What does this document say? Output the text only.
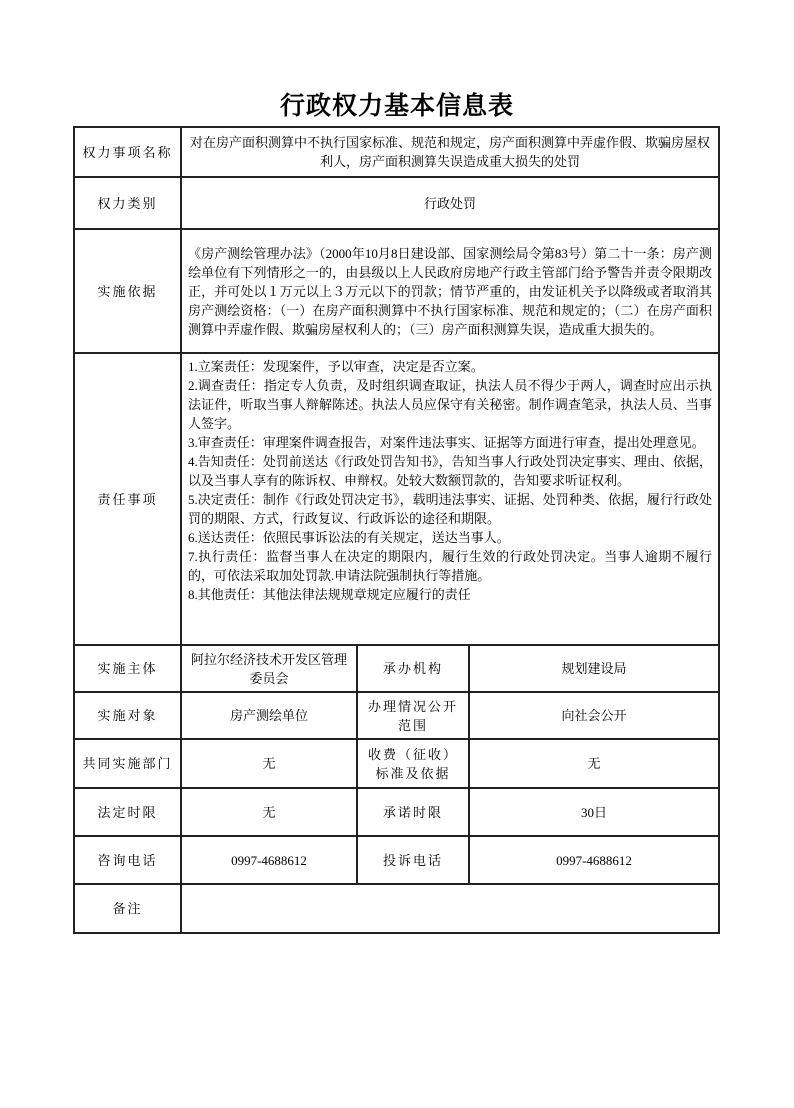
行政权力基本信息表
权力事项名称	对在房产面积测算中不执行国家标准、规范和规定，房产面积测算中弄虚作假、欺骗房屋权利人，房产面积测算失误造成重大损失的处罚		
权力类别	行政处罚		
实施依据	《房产测绘管理办法》（2000年10月8日建设部、国家测绘局令第83号）第二十一条：房产测绘单位有下列情形之一的，由县级以上人民政府房地产行政主管部门给予警告并责令限期改正，并可处以１万元以上３万元以下的罚款；情节严重的，由发证机关予以降级或者取消其房产测绘资格：（一）在房产面积测算中不执行国家标准、规范和规定的；（二）在房产面积测算中弄虚作假、欺骗房屋权利人的；（三）房产面积测算失误，造成重大损失的。		
责任事项	
1.立案责任：发现案件，予以审查，决定是否立案。
2.调查责任：指定专人负责，及时组织调查取证，执法人员不得少于两人，调查时应出示执法证件，听取当事人辩解陈述。执法人员应保守有关秘密。制作调查笔录，执法人员、当事人签字。
3.审查责任：审理案件调查报告，对案件违法事实、证据等方面进行审查，提出处理意见。
4.告知责任：处罚前送达《行政处罚告知书》，告知当事人行政处罚决定事实、理由、依据，以及当事人享有的陈诉权、申辩权。处较大数额罚款的，告知要求听证权利。
5.决定责任：制作《行政处罚决定书》，载明违法事实、证据、处罚种类、依据，履行行政处罚的期限、方式，行政复议、行政诉讼的途径和期限。
6.送达责任：依照民事诉讼法的有关规定，送达当事人。
7.执行责任：监督当事人在决定的期限内，履行生效的行政处罚决定。当事人逾期不履行的，可依法采取加处罚款.申请法院强制执行等措施。
8.其他责任：其他法律法规规章规定应履行的责任

实施主体	阿拉尔经济技术开发区管理委员会	承办机构	规划建设局
实施对象	房产测绘单位	办理情况公开范围	向社会公开
共同实施部门	无	收费（征收）标准及依据	无
法定时限	无	承诺时限	30日
咨询电话	0997-4688612	投诉电话	0997-4688612
备注			
